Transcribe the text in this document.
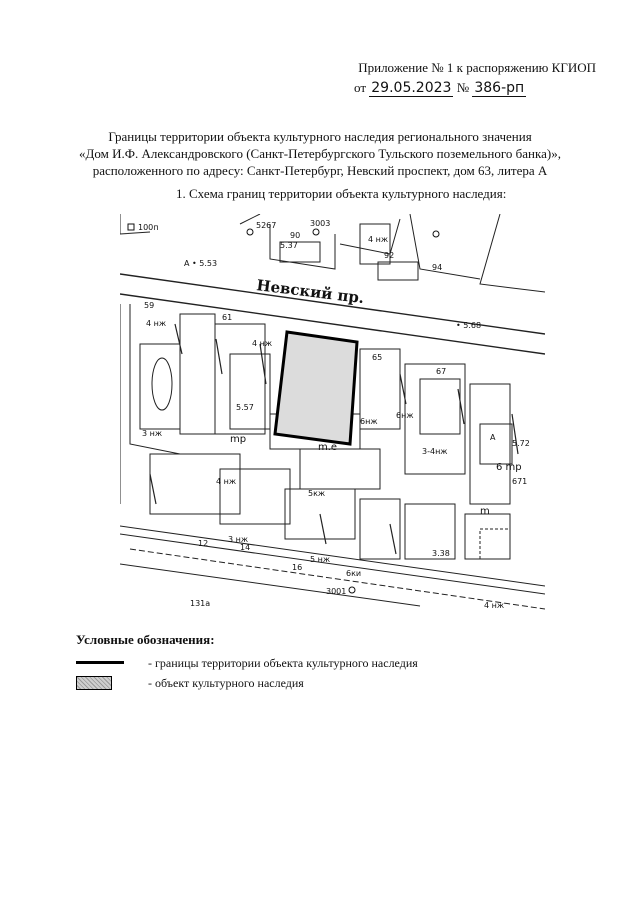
Приложение № 1 к распоряжению КГИОП
от 29.05.2023 № 386-рп
Границы территории объекта культурного наследия регионального значения
«Дом И.Ф. Александровского (Санкт-Петербургского Тульского поземельного банка)»,
расположенного по адресу: Санкт-Петербург, Невский проспект, дом 63, литера А
1. Схема границ территории объекта культурного наследия:
100п	5267
5.37
3003
90
92
94
4 нж
А • 5.53
• 5.68
Невский пр.
59
61
65
67
4 нж
4 нж
3 нж
5.57
mр
m.е
6нж
6нж
3-4нж
А
5.72
6 mр
671
5кж
4 нж
12	14
16
3 нж
5 нж
6ки
3001
3.38
4 нж
131а
m
Условные обозначения:
- границы территории объекта культурного наследия
- объект культурного наследия
